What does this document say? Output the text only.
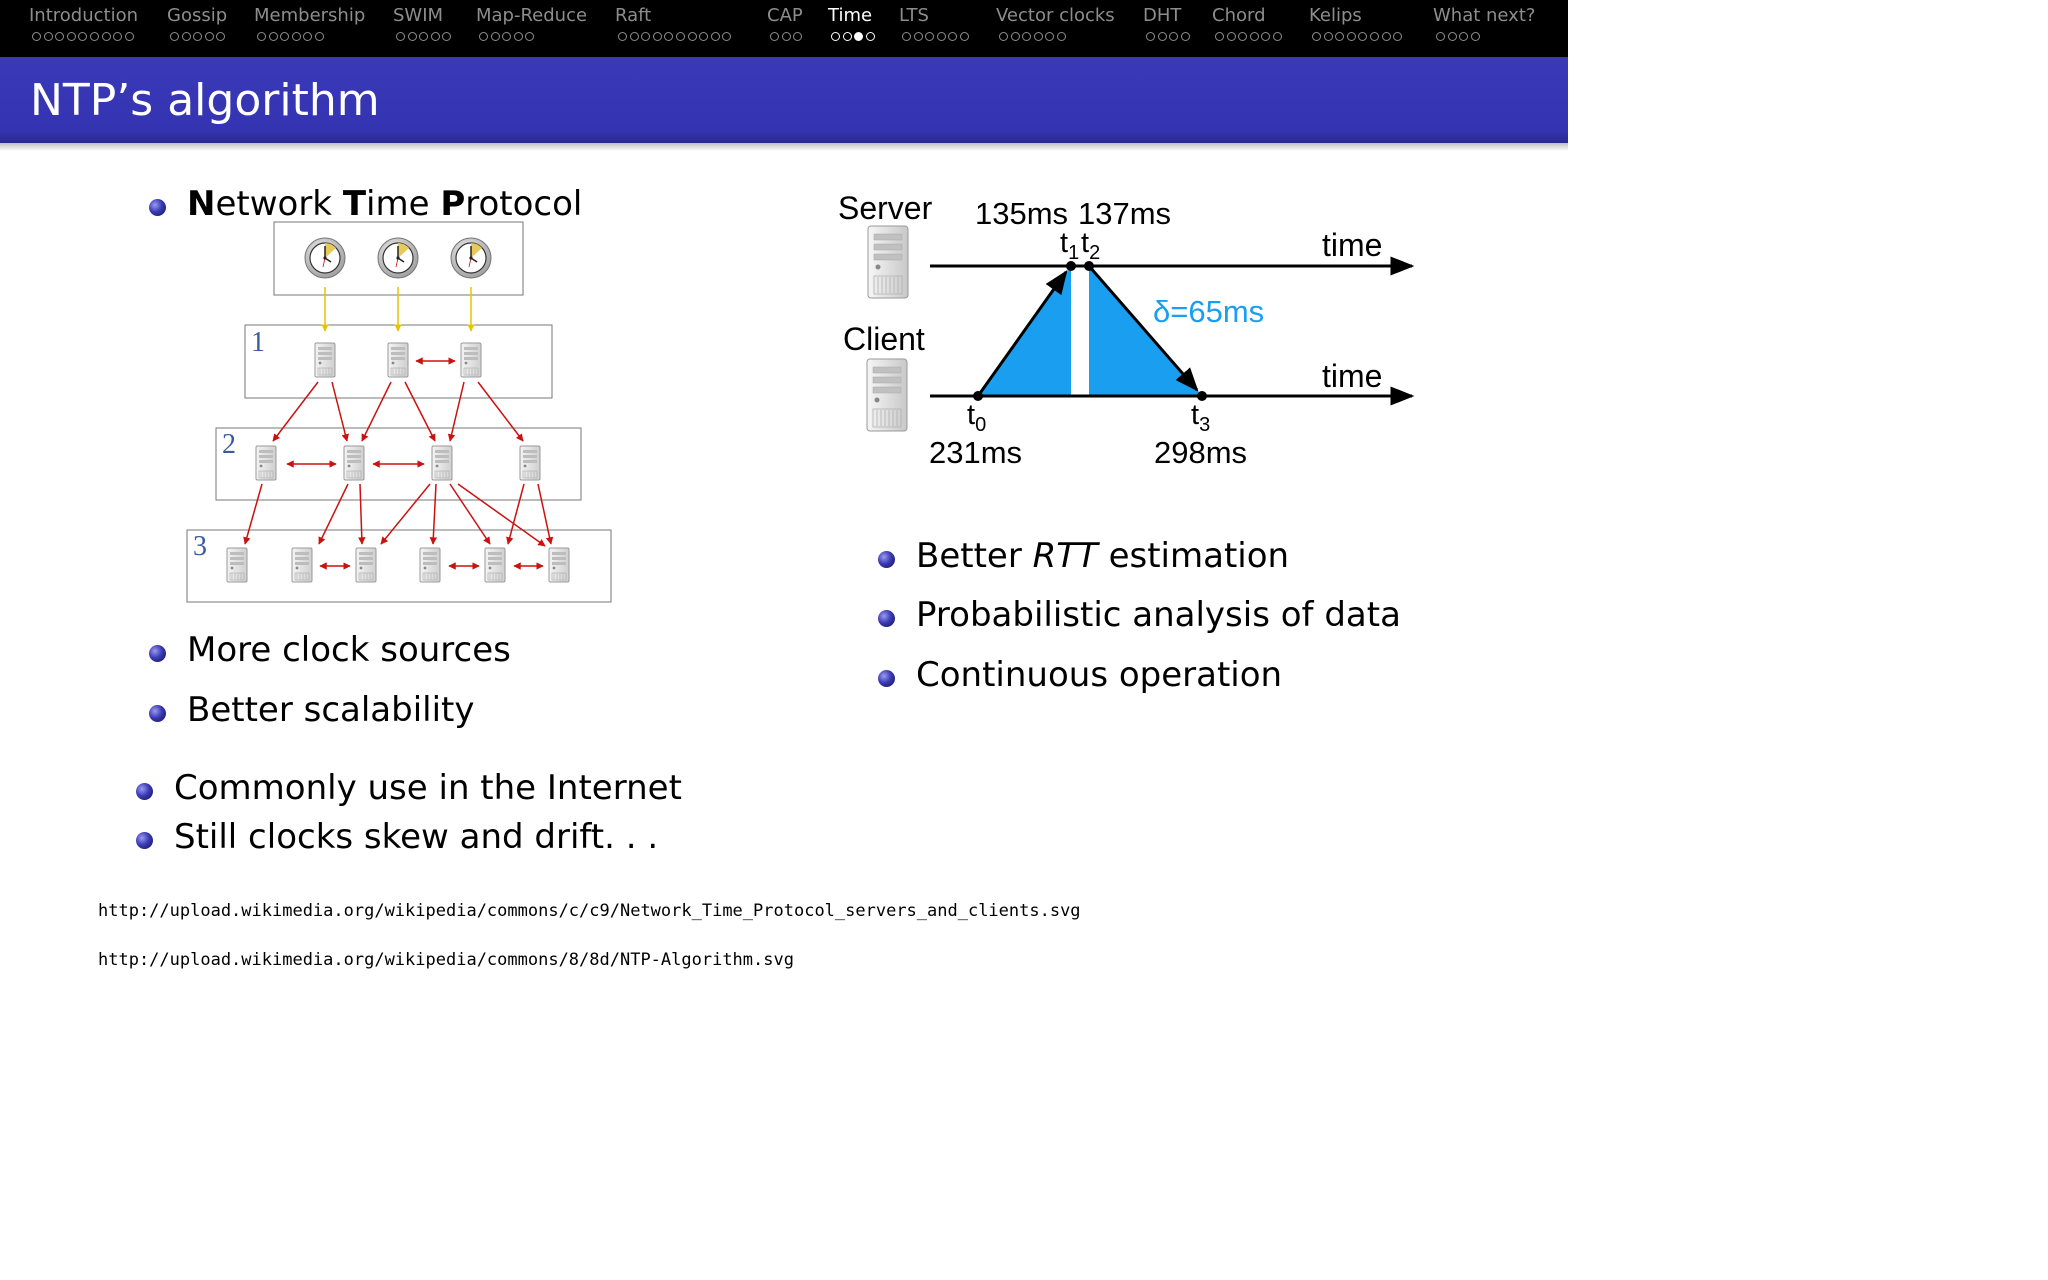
Introduction Gossip Membership SWIM Map-Reduce Raft	CAP Time LTS	Vector clocks DHT Chord Kelips	What next?
NTP’s algorithm
Network Time Protocol
1
2
3
More clock sources
Better scalability
Commonly use in the Internet
Still clocks skew and drift. . .
Server
Client
time
time
135ms 137ms
$t_1$ $t_2$
δ=65ms
$t_0$	$t_3$
231ms	298ms
Better RTT estimation
Probabilistic analysis of data
Continuous operation
http://upload.wikimedia.org/wikipedia/commons/c/c9/Network_Time_Protocol_servers_and_clients.svg
http://upload.wikimedia.org/wikipedia/commons/8/8d/NTP-Algorithm.svg
